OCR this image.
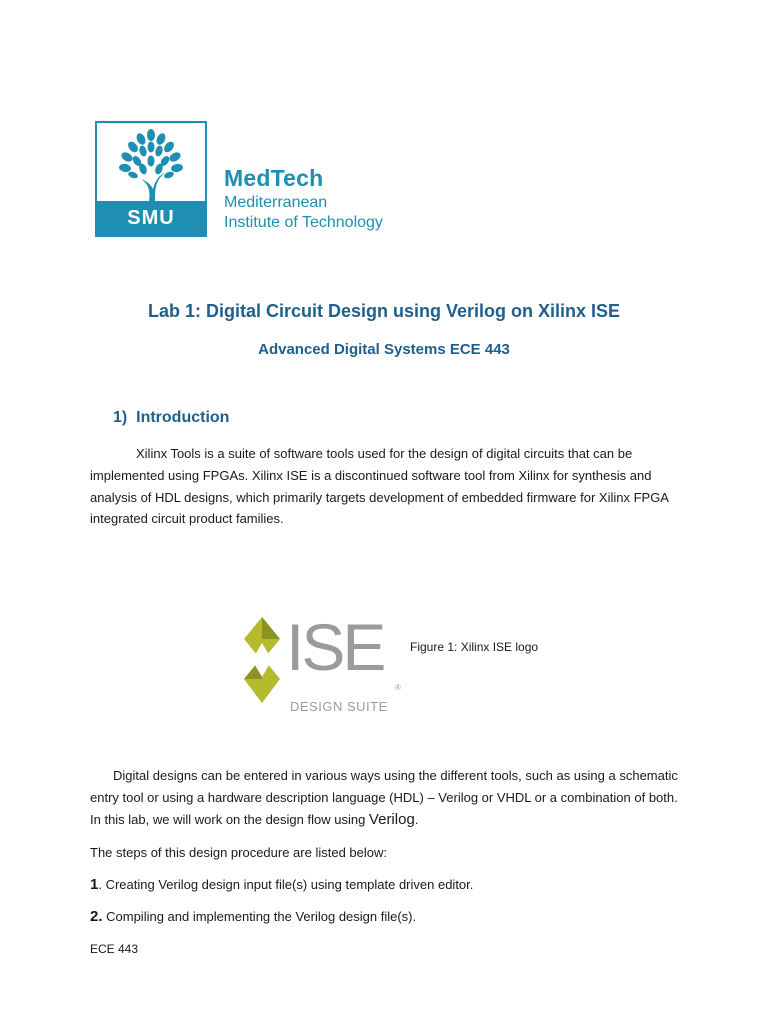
SMU
MedTech
Mediterranean
Institute of Technology
Lab 1: Digital Circuit Design using Verilog on Xilinx ISE
Advanced Digital Systems ECE 443
1) Introduction
Xilinx Tools is a suite of software tools used for the design of digital circuits that can be implemented using FPGAs. Xilinx ISE is a discontinued software tool from Xilinx for synthesis and analysis of HDL designs, which primarily targets development of embedded firmware for Xilinx FPGA integrated circuit product families.
ISE
®
DESIGN SUITE
Figure 1: Xilinx ISE logo
Digital designs can be entered in various ways using the different tools, such as using a schematic entry tool or using a hardware description language (HDL) – Verilog or VHDL or a combination of both. In this lab, we will work on the design flow using Verilog.
The steps of this design procedure are listed below:
1. Creating Verilog design input file(s) using template driven editor.
2. Compiling and implementing the Verilog design file(s).
ECE 443
